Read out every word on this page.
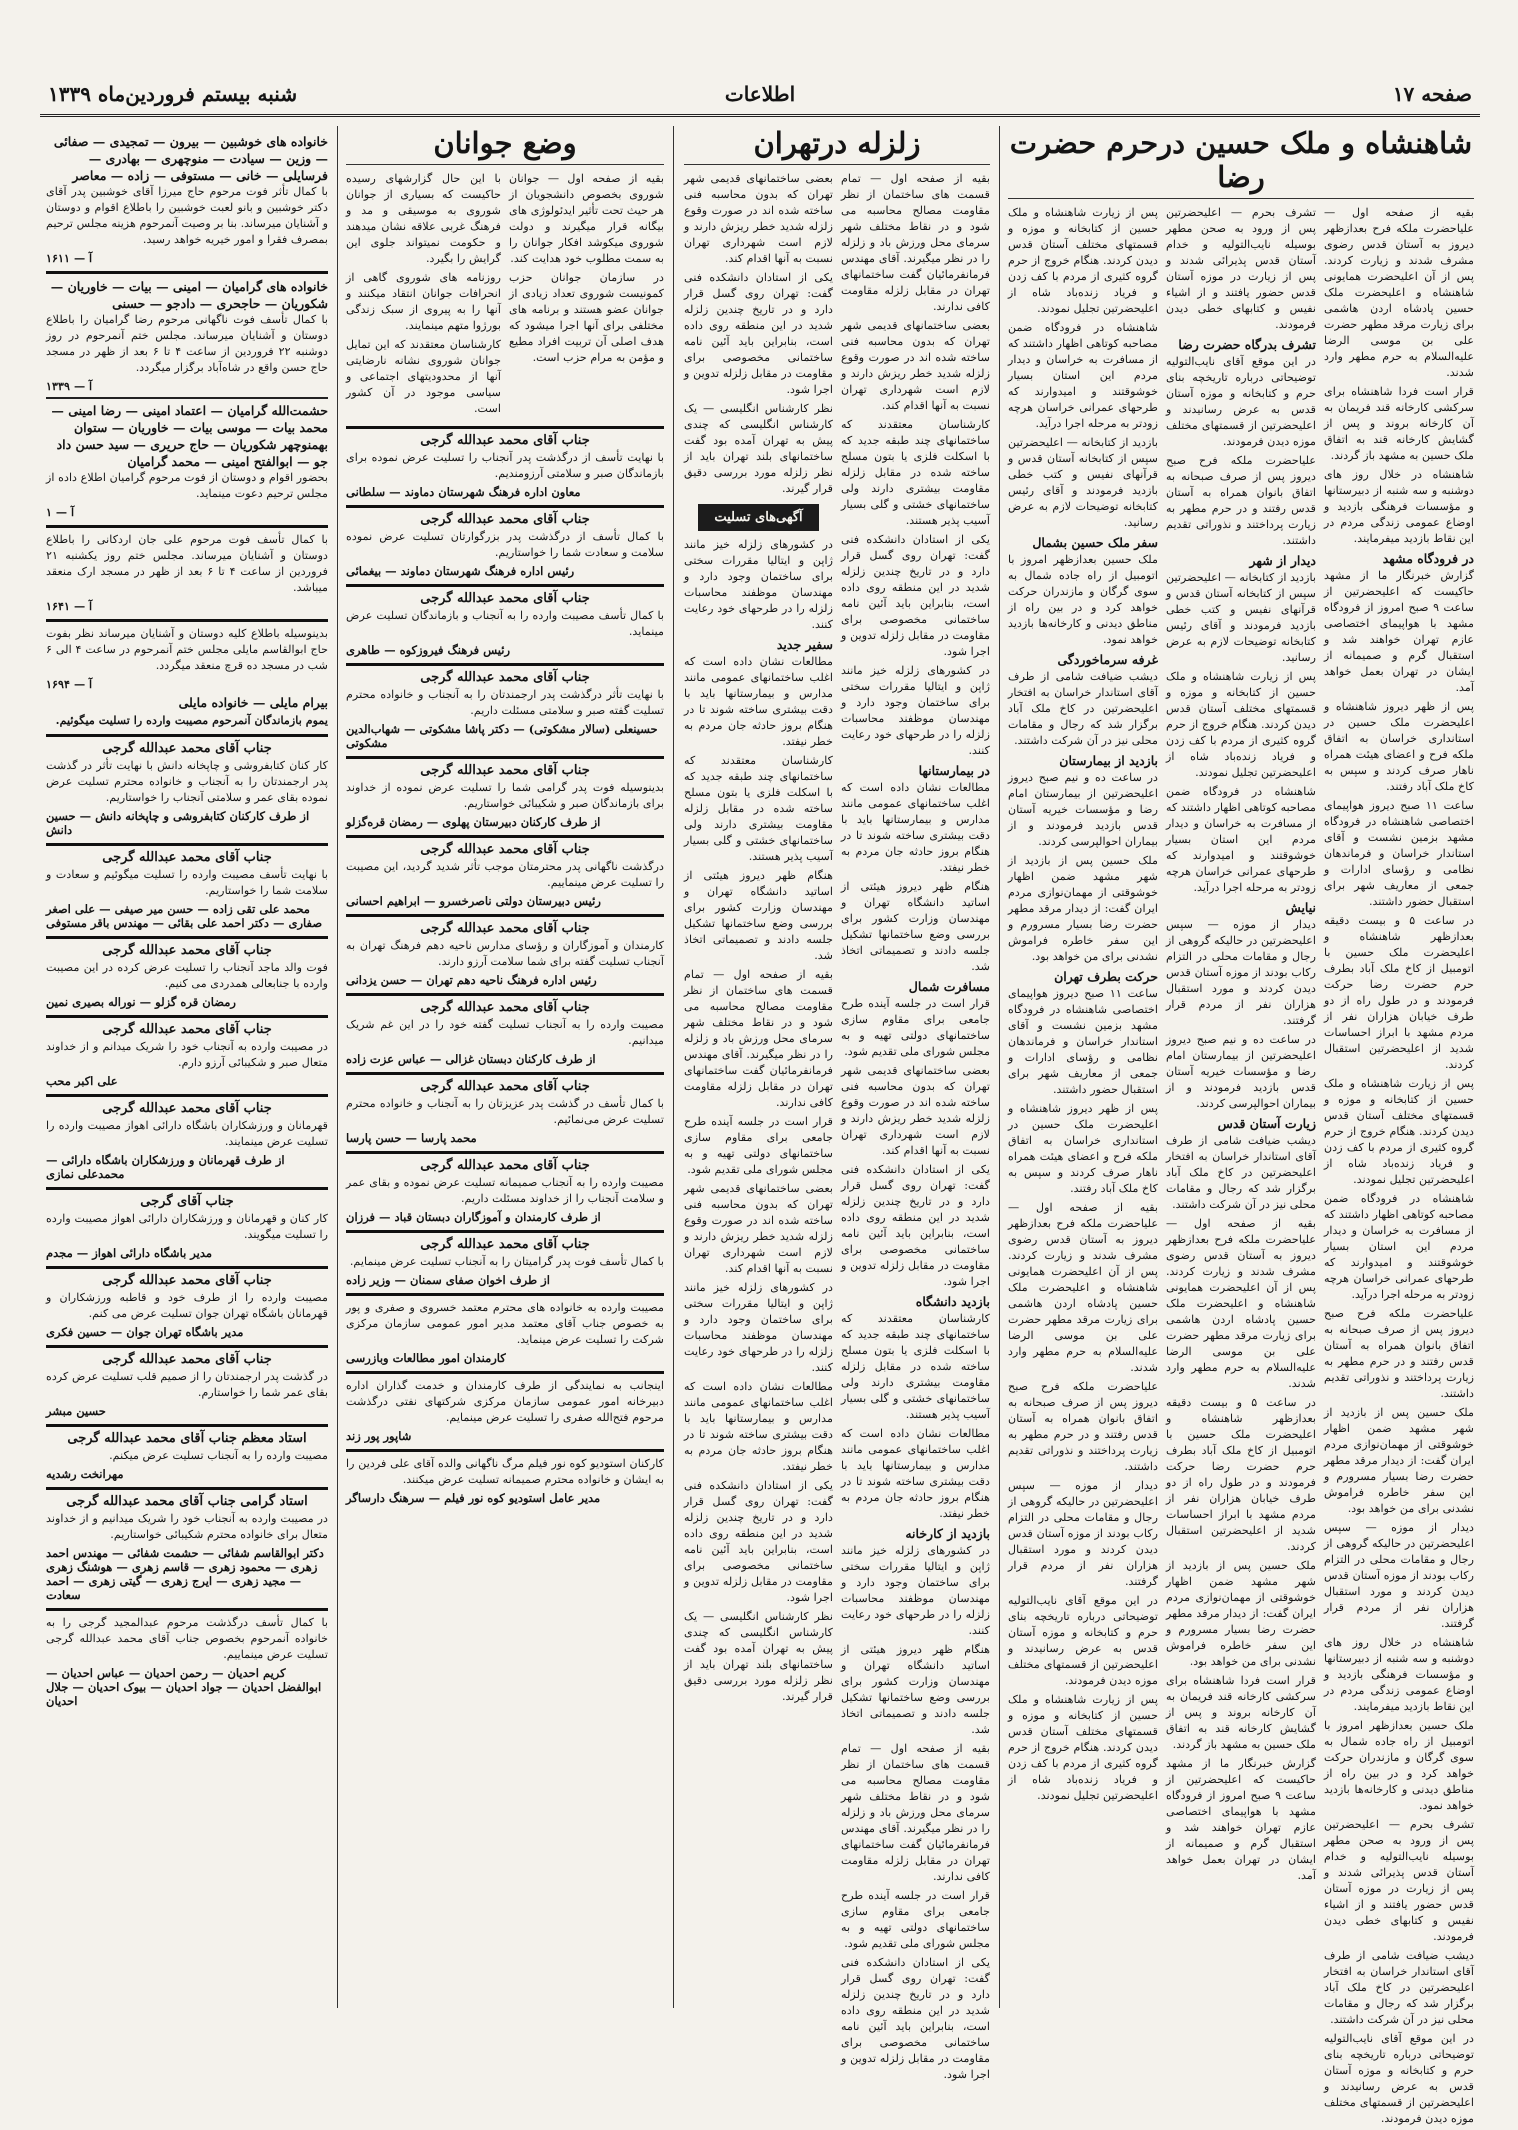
صفحه ۱۷
اطلاعات
شنبه بیستم فروردین‌ماه ۱۳۳۹
شاهنشاه و ملک حسین درحرم حضرت رضا

بقیه از صفحه اول — علیاحضرت ملکه فرح بعدازظهر دیروز به آستان قدس رضوی مشرف شدند و زیارت کردند. پس از آن اعلیحضرت همایونی شاهنشاه و اعلیحضرت ملک حسین پادشاه اردن هاشمی برای زیارت مرقد مطهر حضرت علی بن موسی الرضا علیه‌السلام به حرم مطهر وارد شدند.

قرار است فردا شاهنشاه برای سرکشی کارخانه قند فریمان به آن کارخانه بروند و پس از گشایش کارخانه قند به اتفاق ملک حسین به مشهد باز گردند.

شاهنشاه در خلال روز های دوشنبه و سه شنبه از دبیرستانها و مؤسسات فرهنگی بازدید و اوضاع عمومی زندگی مردم در این نقاط بازدید میفرمایند.

در فرودگاه مشهد

گزارش خبرنگار ما از مشهد حاکیست که اعلیحضرتین از ساعت ۹ صبح امروز از فرودگاه مشهد با هواپیمای اختصاصی عازم تهران خواهند شد و استقبال گرم و صمیمانه از ایشان در تهران بعمل خواهد آمد.

پس از ظهر دیروز شاهنشاه و اعلیحضرت ملک حسین در استانداری خراسان به اتفاق ملکه فرح و اعضای هیئت همراه ناهار صرف کردند و سپس به کاخ ملک آباد رفتند.

ساعت ۱۱ صبح دیروز هواپیمای اختصاصی شاهنشاه در فرودگاه مشهد بزمین نشست و آقای استاندار خراسان و فرماندهان نظامی و رؤسای ادارات و جمعی از معاریف شهر برای استقبال حضور داشتند.

در ساعت ۵ و بیست دقیقه بعدازظهر شاهنشاه و اعلیحضرت ملک حسین با اتومبیل از کاخ ملک آباد بطرف حرم حضرت رضا حرکت فرمودند و در طول راه از دو طرف خیابان هزاران نفر از مردم مشهد با ابراز احساسات شدید از اعلیحضرتین استقبال کردند.

پس از زیارت شاهنشاه و ملک حسین از کتابخانه و موزه و قسمتهای مختلف آستان قدس دیدن کردند. هنگام خروج از حرم گروه کثیری از مردم با کف زدن و فریاد زنده‌باد شاه از اعلیحضرتین تجلیل نمودند.

شاهنشاه در فرودگاه ضمن مصاحبه کوتاهی اظهار داشتند که از مسافرت به خراسان و دیدار مردم این استان بسیار خوشوقتند و امیدوارند که طرحهای عمرانی خراسان هرچه زودتر به مرحله اجرا درآید.

علیاحضرت ملکه فرح صبح دیروز پس از صرف صبحانه به اتفاق بانوان همراه به آستان قدس رفتند و در حرم مطهر به زیارت پرداختند و نذوراتی تقدیم داشتند.

ملک حسین پس از بازدید از شهر مشهد ضمن اظهار خوشوقتی از مهمان‌نوازی مردم ایران گفت: از دیدار مرقد مطهر حضرت رضا بسیار مسرورم و این سفر خاطره فراموش نشدنی برای من خواهد بود.

دیدار از موزه — سپس اعلیحضرتین در حالیکه گروهی از رجال و مقامات محلی در التزام رکاب بودند از موزه آستان قدس دیدن کردند و مورد استقبال هزاران نفر از مردم قرار گرفتند.

شاهنشاه در خلال روز های دوشنبه و سه شنبه از دبیرستانها و مؤسسات فرهنگی بازدید و اوضاع عمومی زندگی مردم در این نقاط بازدید میفرمایند.

ملک حسین بعدازظهر امروز با اتومبیل از راه جاده شمال به سوی گرگان و مازندران حرکت خواهد کرد و در بین راه از مناطق دیدنی و کارخانه‌ها بازدید خواهد نمود.

تشرف بحرم — اعلیحضرتین پس از ورود به صحن مطهر بوسیله نایب‌التولیه و خدام آستان قدس پذیرائی شدند و پس از زیارت در موزه آستان قدس حضور یافتند و از اشیاء نفیس و کتابهای خطی دیدن فرمودند.

دیشب ضیافت شامی از طرف آقای استاندار خراسان به افتخار اعلیحضرتین در کاخ ملک آباد برگزار شد که رجال و مقامات محلی نیز در آن شرکت داشتند.

در این موقع آقای نایب‌التولیه توضیحاتی درباره تاریخچه بنای حرم و کتابخانه و موزه آستان قدس به عرض رسانیدند و اعلیحضرتین از قسمتهای مختلف موزه دیدن فرمودند.

تشرف بحرم — اعلیحضرتین پس از ورود به صحن مطهر بوسیله نایب‌التولیه و خدام آستان قدس پذیرائی شدند و پس از زیارت در موزه آستان قدس حضور یافتند و از اشیاء نفیس و کتابهای خطی دیدن فرمودند.

تشرف بدرگاه حضرت رضا

در این موقع آقای نایب‌التولیه توضیحاتی درباره تاریخچه بنای حرم و کتابخانه و موزه آستان قدس به عرض رسانیدند و اعلیحضرتین از قسمتهای مختلف موزه دیدن فرمودند.

علیاحضرت ملکه فرح صبح دیروز پس از صرف صبحانه به اتفاق بانوان همراه به آستان قدس رفتند و در حرم مطهر به زیارت پرداختند و نذوراتی تقدیم داشتند.

دیدار از شهر

بازدید از کتابخانه — اعلیحضرتین سپس از کتابخانه آستان قدس و قرآنهای نفیس و کتب خطی بازدید فرمودند و آقای رئیس کتابخانه توضیحات لازم به عرض رسانید.

پس از زیارت شاهنشاه و ملک حسین از کتابخانه و موزه و قسمتهای مختلف آستان قدس دیدن کردند. هنگام خروج از حرم گروه کثیری از مردم با کف زدن و فریاد زنده‌باد شاه از اعلیحضرتین تجلیل نمودند.

شاهنشاه در فرودگاه ضمن مصاحبه کوتاهی اظهار داشتند که از مسافرت به خراسان و دیدار مردم این استان بسیار خوشوقتند و امیدوارند که طرحهای عمرانی خراسان هرچه زودتر به مرحله اجرا درآید.

نیایش

دیدار از موزه — سپس اعلیحضرتین در حالیکه گروهی از رجال و مقامات محلی در التزام رکاب بودند از موزه آستان قدس دیدن کردند و مورد استقبال هزاران نفر از مردم قرار گرفتند.

در ساعت ده و نیم صبح دیروز اعلیحضرتین از بیمارستان امام رضا و مؤسسات خیریه آستان قدس بازدید فرمودند و از بیماران احوالپرسی کردند.

زیارت آستان قدس

دیشب ضیافت شامی از طرف آقای استاندار خراسان به افتخار اعلیحضرتین در کاخ ملک آباد برگزار شد که رجال و مقامات محلی نیز در آن شرکت داشتند.

بقیه از صفحه اول — علیاحضرت ملکه فرح بعدازظهر دیروز به آستان قدس رضوی مشرف شدند و زیارت کردند. پس از آن اعلیحضرت همایونی شاهنشاه و اعلیحضرت ملک حسین پادشاه اردن هاشمی برای زیارت مرقد مطهر حضرت علی بن موسی الرضا علیه‌السلام به حرم مطهر وارد شدند.

در ساعت ۵ و بیست دقیقه بعدازظهر شاهنشاه و اعلیحضرت ملک حسین با اتومبیل از کاخ ملک آباد بطرف حرم حضرت رضا حرکت فرمودند و در طول راه از دو طرف خیابان هزاران نفر از مردم مشهد با ابراز احساسات شدید از اعلیحضرتین استقبال کردند.

ملک حسین پس از بازدید از شهر مشهد ضمن اظهار خوشوقتی از مهمان‌نوازی مردم ایران گفت: از دیدار مرقد مطهر حضرت رضا بسیار مسرورم و این سفر خاطره فراموش نشدنی برای من خواهد بود.

قرار است فردا شاهنشاه برای سرکشی کارخانه قند فریمان به آن کارخانه بروند و پس از گشایش کارخانه قند به اتفاق ملک حسین به مشهد باز گردند.

گزارش خبرنگار ما از مشهد حاکیست که اعلیحضرتین از ساعت ۹ صبح امروز از فرودگاه مشهد با هواپیمای اختصاصی عازم تهران خواهند شد و استقبال گرم و صمیمانه از ایشان در تهران بعمل خواهد آمد.

پس از زیارت شاهنشاه و ملک حسین از کتابخانه و موزه و قسمتهای مختلف آستان قدس دیدن کردند. هنگام خروج از حرم گروه کثیری از مردم با کف زدن و فریاد زنده‌باد شاه از اعلیحضرتین تجلیل نمودند.

شاهنشاه در فرودگاه ضمن مصاحبه کوتاهی اظهار داشتند که از مسافرت به خراسان و دیدار مردم این استان بسیار خوشوقتند و امیدوارند که طرحهای عمرانی خراسان هرچه زودتر به مرحله اجرا درآید.

بازدید از کتابخانه — اعلیحضرتین سپس از کتابخانه آستان قدس و قرآنهای نفیس و کتب خطی بازدید فرمودند و آقای رئیس کتابخانه توضیحات لازم به عرض رسانید.

سفر ملک حسین بشمال

ملک حسین بعدازظهر امروز با اتومبیل از راه جاده شمال به سوی گرگان و مازندران حرکت خواهد کرد و در بین راه از مناطق دیدنی و کارخانه‌ها بازدید خواهد نمود.

غرفه سرماخوردگی

دیشب ضیافت شامی از طرف آقای استاندار خراسان به افتخار اعلیحضرتین در کاخ ملک آباد برگزار شد که رجال و مقامات محلی نیز در آن شرکت داشتند.

بازدید از بیمارستان

در ساعت ده و نیم صبح دیروز اعلیحضرتین از بیمارستان امام رضا و مؤسسات خیریه آستان قدس بازدید فرمودند و از بیماران احوالپرسی کردند.

ملک حسین پس از بازدید از شهر مشهد ضمن اظهار خوشوقتی از مهمان‌نوازی مردم ایران گفت: از دیدار مرقد مطهر حضرت رضا بسیار مسرورم و این سفر خاطره فراموش نشدنی برای من خواهد بود.

حرکت بطرف تهران

ساعت ۱۱ صبح دیروز هواپیمای اختصاصی شاهنشاه در فرودگاه مشهد بزمین نشست و آقای استاندار خراسان و فرماندهان نظامی و رؤسای ادارات و جمعی از معاریف شهر برای استقبال حضور داشتند.

پس از ظهر دیروز شاهنشاه و اعلیحضرت ملک حسین در استانداری خراسان به اتفاق ملکه فرح و اعضای هیئت همراه ناهار صرف کردند و سپس به کاخ ملک آباد رفتند.

بقیه از صفحه اول — علیاحضرت ملکه فرح بعدازظهر دیروز به آستان قدس رضوی مشرف شدند و زیارت کردند. پس از آن اعلیحضرت همایونی شاهنشاه و اعلیحضرت ملک حسین پادشاه اردن هاشمی برای زیارت مرقد مطهر حضرت علی بن موسی الرضا علیه‌السلام به حرم مطهر وارد شدند.

علیاحضرت ملکه فرح صبح دیروز پس از صرف صبحانه به اتفاق بانوان همراه به آستان قدس رفتند و در حرم مطهر به زیارت پرداختند و نذوراتی تقدیم داشتند.

دیدار از موزه — سپس اعلیحضرتین در حالیکه گروهی از رجال و مقامات محلی در التزام رکاب بودند از موزه آستان قدس دیدن کردند و مورد استقبال هزاران نفر از مردم قرار گرفتند.

در این موقع آقای نایب‌التولیه توضیحاتی درباره تاریخچه بنای حرم و کتابخانه و موزه آستان قدس به عرض رسانیدند و اعلیحضرتین از قسمتهای مختلف موزه دیدن فرمودند.

پس از زیارت شاهنشاه و ملک حسین از کتابخانه و موزه و قسمتهای مختلف آستان قدس دیدن کردند. هنگام خروج از حرم گروه کثیری از مردم با کف زدن و فریاد زنده‌باد شاه از اعلیحضرتین تجلیل نمودند.

زلزله درتهران

بقیه از صفحه اول — تمام قسمت های ساختمان از نظر مقاومت مصالح محاسبه می شود و در نقاط مختلف شهر سرمای محل ورزش باد و زلزله را در نظر میگیرند. آقای مهندس فرمانفرمائیان گفت ساختمانهای تهران در مقابل زلزله مقاومت کافی ندارند.

بعضی ساختمانهای قدیمی شهر تهران که بدون محاسبه فنی ساخته شده اند در صورت وقوع زلزله شدید خطر ریزش دارند و لازم است شهرداری تهران نسبت به آنها اقدام کند.

کارشناسان معتقدند که ساختمانهای چند طبقه جدید که با اسکلت فلزی یا بتون مسلح ساخته شده در مقابل زلزله مقاومت بیشتری دارند ولی ساختمانهای خشتی و گلی بسیار آسیب پذیر هستند.

یکی از استادان دانشکده فنی گفت: تهران روی گسل قرار دارد و در تاریخ چندین زلزله شدید در این منطقه روی داده است، بنابراین باید آئین نامه ساختمانی مخصوصی برای مقاومت در مقابل زلزله تدوین و اجرا شود.

در کشورهای زلزله خیز مانند ژاپن و ایتالیا مقررات سختی برای ساختمان وجود دارد و مهندسان موظفند محاسبات زلزله را در طرحهای خود رعایت کنند.

در بیمارستانها

مطالعات نشان داده است که اغلب ساختمانهای عمومی مانند مدارس و بیمارستانها باید با دقت بیشتری ساخته شوند تا در هنگام بروز حادثه جان مردم به خطر نیفتد.

هنگام ظهر دیروز هیئتی از اساتید دانشگاه تهران و مهندسان وزارت کشور برای بررسی وضع ساختمانها تشکیل جلسه دادند و تصمیماتی اتخاذ شد.

مسافرت شمال

قرار است در جلسه آینده طرح جامعی برای مقاوم سازی ساختمانهای دولتی تهیه و به مجلس شورای ملی تقدیم شود.

بعضی ساختمانهای قدیمی شهر تهران که بدون محاسبه فنی ساخته شده اند در صورت وقوع زلزله شدید خطر ریزش دارند و لازم است شهرداری تهران نسبت به آنها اقدام کند.

یکی از استادان دانشکده فنی گفت: تهران روی گسل قرار دارد و در تاریخ چندین زلزله شدید در این منطقه روی داده است، بنابراین باید آئین نامه ساختمانی مخصوصی برای مقاومت در مقابل زلزله تدوین و اجرا شود.

بازدید دانشگاه

کارشناسان معتقدند که ساختمانهای چند طبقه جدید که با اسکلت فلزی یا بتون مسلح ساخته شده در مقابل زلزله مقاومت بیشتری دارند ولی ساختمانهای خشتی و گلی بسیار آسیب پذیر هستند.

مطالعات نشان داده است که اغلب ساختمانهای عمومی مانند مدارس و بیمارستانها باید با دقت بیشتری ساخته شوند تا در هنگام بروز حادثه جان مردم به خطر نیفتد.

بازدید از کارخانه

در کشورهای زلزله خیز مانند ژاپن و ایتالیا مقررات سختی برای ساختمان وجود دارد و مهندسان موظفند محاسبات زلزله را در طرحهای خود رعایت کنند.

هنگام ظهر دیروز هیئتی از اساتید دانشگاه تهران و مهندسان وزارت کشور برای بررسی وضع ساختمانها تشکیل جلسه دادند و تصمیماتی اتخاذ شد.

بقیه از صفحه اول — تمام قسمت های ساختمان از نظر مقاومت مصالح محاسبه می شود و در نقاط مختلف شهر سرمای محل ورزش باد و زلزله را در نظر میگیرند. آقای مهندس فرمانفرمائیان گفت ساختمانهای تهران در مقابل زلزله مقاومت کافی ندارند.

قرار است در جلسه آینده طرح جامعی برای مقاوم سازی ساختمانهای دولتی تهیه و به مجلس شورای ملی تقدیم شود.

یکی از استادان دانشکده فنی گفت: تهران روی گسل قرار دارد و در تاریخ چندین زلزله شدید در این منطقه روی داده است، بنابراین باید آئین نامه ساختمانی مخصوصی برای مقاومت در مقابل زلزله تدوین و اجرا شود.

بعضی ساختمانهای قدیمی شهر تهران که بدون محاسبه فنی ساخته شده اند در صورت وقوع زلزله شدید خطر ریزش دارند و لازم است شهرداری تهران نسبت به آنها اقدام کند.

یکی از استادان دانشکده فنی گفت: تهران روی گسل قرار دارد و در تاریخ چندین زلزله شدید در این منطقه روی داده است، بنابراین باید آئین نامه ساختمانی مخصوصی برای مقاومت در مقابل زلزله تدوین و اجرا شود.

نظر کارشناس انگلیسی — یک کارشناس انگلیسی که چندی پیش به تهران آمده بود گفت ساختمانهای بلند تهران باید از نظر زلزله مورد بررسی دقیق قرار گیرند.

آگهی‌های تسلیت

در کشورهای زلزله خیز مانند ژاپن و ایتالیا مقررات سختی برای ساختمان وجود دارد و مهندسان موظفند محاسبات زلزله را در طرحهای خود رعایت کنند.

سفیر جدید

مطالعات نشان داده است که اغلب ساختمانهای عمومی مانند مدارس و بیمارستانها باید با دقت بیشتری ساخته شوند تا در هنگام بروز حادثه جان مردم به خطر نیفتد.

کارشناسان معتقدند که ساختمانهای چند طبقه جدید که با اسکلت فلزی یا بتون مسلح ساخته شده در مقابل زلزله مقاومت بیشتری دارند ولی ساختمانهای خشتی و گلی بسیار آسیب پذیر هستند.

هنگام ظهر دیروز هیئتی از اساتید دانشگاه تهران و مهندسان وزارت کشور برای بررسی وضع ساختمانها تشکیل جلسه دادند و تصمیماتی اتخاذ شد.

بقیه از صفحه اول — تمام قسمت های ساختمان از نظر مقاومت مصالح محاسبه می شود و در نقاط مختلف شهر سرمای محل ورزش باد و زلزله را در نظر میگیرند. آقای مهندس فرمانفرمائیان گفت ساختمانهای تهران در مقابل زلزله مقاومت کافی ندارند.

قرار است در جلسه آینده طرح جامعی برای مقاوم سازی ساختمانهای دولتی تهیه و به مجلس شورای ملی تقدیم شود.

بعضی ساختمانهای قدیمی شهر تهران که بدون محاسبه فنی ساخته شده اند در صورت وقوع زلزله شدید خطر ریزش دارند و لازم است شهرداری تهران نسبت به آنها اقدام کند.

در کشورهای زلزله خیز مانند ژاپن و ایتالیا مقررات سختی برای ساختمان وجود دارد و مهندسان موظفند محاسبات زلزله را در طرحهای خود رعایت کنند.

مطالعات نشان داده است که اغلب ساختمانهای عمومی مانند مدارس و بیمارستانها باید با دقت بیشتری ساخته شوند تا در هنگام بروز حادثه جان مردم به خطر نیفتد.

یکی از استادان دانشکده فنی گفت: تهران روی گسل قرار دارد و در تاریخ چندین زلزله شدید در این منطقه روی داده است، بنابراین باید آئین نامه ساختمانی مخصوصی برای مقاومت در مقابل زلزله تدوین و اجرا شود.

نظر کارشناس انگلیسی — یک کارشناس انگلیسی که چندی پیش به تهران آمده بود گفت ساختمانهای بلند تهران باید از نظر زلزله مورد بررسی دقیق قرار گیرند.

وضع جوانان

بقیه از صفحه اول — جوانان شوروی بخصوص دانشجویان از هر حیث تحت تأثیر ایدئولوژی های بیگانه قرار میگیرند و دولت شوروی میکوشد افکار جوانان را به سمت مطلوب خود هدایت کند.

در سازمان جوانان حزب کمونیست شوروی تعداد زیادی از جوانان عضو هستند و برنامه های مختلفی برای آنها اجرا میشود که هدف اصلی آن تربیت افراد مطیع و مؤمن به مرام حزب است.

با این حال گزارشهای رسیده حاکیست که بسیاری از جوانان شوروی به موسیقی و مد و فرهنگ غربی علاقه نشان میدهند و حکومت نمیتواند جلوی این گرایش را بگیرد.

روزنامه های شوروی گاهی از انحرافات جوانان انتقاد میکنند و آنها را به پیروی از سبک زندگی بورژوا متهم مینمایند.

کارشناسان معتقدند که این تمایل جوانان شوروی نشانه نارضایتی آنها از محدودیتهای اجتماعی و سیاسی موجود در آن کشور است.

جناب آقای محمد عبدالله گرجی

با نهایت تأسف از درگذشت پدر آنجناب را تسلیت عرض نموده برای بازماندگان صبر و سلامتی آرزومندیم.

معاون اداره فرهنگ شهرستان دماوند — سلطانی
جناب آقای محمد عبدالله گرجی

با کمال تأسف از درگذشت پدر بزرگوارتان تسلیت عرض نموده سلامت و سعادت شما را خواستاریم.

رئیس اداره فرهنگ شهرستان دماوند — بیغمائی
جناب آقای محمد عبدالله گرجی

با کمال تأسف مصیبت وارده را به آنجناب و بازماندگان تسلیت عرض مینماید.

رئیس فرهنگ فیروزکوه — طاهری
جناب آقای محمد عبدالله گرجی

با نهایت تأثر درگذشت پدر ارجمندتان را به آنجناب و خانواده محترم تسلیت گفته صبر و سلامتی مسئلت داریم.

حسینعلی (سالار مشکوتی) — دکتر پاشا مشکوتی — شهاب‌الدین مشکوتی
جناب آقای محمد عبدالله گرجی

بدینوسیله فوت پدر گرامی شما را تسلیت عرض نموده از خداوند برای بازماندگان صبر و شکیبائی خواستاریم.

از طرف کارکنان دبیرستان پهلوی — رمضان قره‌گزلو
جناب آقای محمد عبدالله گرجی

درگذشت ناگهانی پدر محترمتان موجب تأثر شدید گردید، این مصیبت را تسلیت عرض مینماییم.

رئیس دبیرستان دولتی ناصرخسرو — ابراهیم احسانی
جناب آقای محمد عبدالله گرجی

کارمندان و آموزگاران و رؤسای مدارس ناحیه دهم فرهنگ تهران به آنجناب تسلیت گفته برای شما سلامت آرزو دارند.

رئیس اداره فرهنگ ناحیه دهم تهران — حسن یزدانی
جناب آقای محمد عبدالله گرجی

مصیبت وارده را به آنجناب تسلیت گفته خود را در این غم شریک میدانیم.

از طرف کارکنان دبستان غزالی — عباس عزت زاده
جناب آقای محمد عبدالله گرجی

با کمال تأسف در گذشت پدر عزیزتان را به آنجناب و خانواده محترم تسلیت عرض می‌نمائیم.

محمد پارسا — حسن پارسا
جناب آقای محمد عبدالله گرجی

مصیبت وارده را به آنجناب صمیمانه تسلیت عرض نموده و بقای عمر و سلامت آنجناب را از خداوند مسئلت داریم.

از طرف کارمندان و آموزگاران دبستان قباد — فرزان
جناب آقای محمد عبدالله گرجی

با کمال تأسف فوت پدر گرامیتان را به آنجناب تسلیت عرض مینمایم.

از طرف اخوان صفای سمنان — وزیر زاده

مصیبت وارده به خانواده های محترم معتمد خسروی و صفری و پور به خصوص جناب آقای معتمد مدیر امور عمومی سازمان مرکزی شرکت را تسلیت عرض مینماید.

کارمندان امور مطالعات وبازرسی

اینجانب به نمایندگی از طرف کارمندان و خدمت گذاران اداره دبیرخانه امور عمومی سازمان مرکزی شرکتهای نفتی درگذشت مرحوم فتح‌الله صفری را تسلیت عرض مینمایم.

شاپور پور زند

کارکنان استودیو کوه نور فیلم مرگ ناگهانی والده آقای علی فردین را به ایشان و خانواده محترم صمیمانه تسلیت عرض میکنند.

مدیر عامل استودیو کوه نور فیلم — سرهنگ دارساگر
خانواده های خوشبین — بیرون — تمجیدی — صفائی — وزین — سیادت — منوچهری — بهادری — فرسایلی — خانی — مستوفی — زاده — معاصر

با کمال تأثر فوت مرحوم حاج میرزا آقای خوشبین پدر آقای دکتر خوشبین و بانو لعبت خوشبین را باطلاع اقوام و دوستان و آشنایان میرساند. بنا بر وصیت آنمرحوم هزینه مجلس ترحیم بمصرف فقرا و امور خیریه خواهد رسید.

آ — ۱۶۱۱
خانواده های گرامیان — امینی — بیات — خاوریان — شکوریان — حاجحری — دادجو — حسنی

با کمال تأسف فوت ناگهانی مرحوم رضا گرامیان را باطلاع دوستان و آشنایان میرساند. مجلس ختم آنمرحوم در روز دوشنبه ۲۲ فروردین از ساعت ۴ تا ۶ بعد از ظهر در مسجد حاج حسن واقع در شاه‌آباد برگزار میگردد.

آ — ۱۳۳۹
حشمت‌الله گرامیان — اعتماد امینی — رضا امینی — محمد بیات — موسی بیات — خاوریان — ستوان بهمنوچهر شکوریان — حاج حریری — سید حسن داد جو — ابوالفتح امینی — محمد گرامیان

بحضور اقوام و دوستان از فوت مرحوم گرامیان اطلاع داده از مجلس ترحیم دعوت مینماید.

آ — ۱

با کمال تأسف فوت مرحوم علی جان اردکانی را باطلاع دوستان و آشنایان میرساند. مجلس ختم روز یکشنبه ۲۱ فروردین از ساعت ۴ تا ۶ بعد از ظهر در مسجد ارک منعقد میباشد.

آ — ۱۶۴۱

بدینوسیله باطلاع کلیه دوستان و آشنایان میرساند نظر بفوت حاج ابوالقاسم مایلی مجلس ختم آنمرحوم در ساعت ۴ الی ۶ شب در مسجد ده قرچ منعقد میگردد.

آ — ۱۶۹۴
بیرام مایلی — خانواده مایلی

یموم بازماندگان آنمرحوم مصیبت وارده را تسلیت میگوئیم.

جناب آقای محمد عبدالله گرجی

کار کنان کتابفروشی و چاپخانه دانش با نهایت تأثر در گذشت پدر ارجمندتان را به آنجناب و خانواده محترم تسلیت عرض نموده بقای عمر و سلامتی آنجناب را خواستاریم.

از طرف کارکنان کتابفروشی و چاپخانه دانش — حسین دانش
جناب آقای محمد عبدالله گرجی

با نهایت تأسف مصیبت وارده را تسلیت میگوئیم و سعادت و سلامت شما را خواستاریم.

محمد علی تقی زاده — حسن میر صیفی — علی اصغر صفاری — دکتر احمد علی بقائی — مهندس باقر مستوفی
جناب آقای محمد عبدالله گرجی

فوت والد ماجد آنجناب را تسلیت عرض کرده در این مصیبت وارده با جنابعالی همدردی می کنیم.

رمضان قره گزلو — نوراله بصیری نمین
جناب آقای محمد عبدالله گرجی

در مصیبت وارده به آنجناب خود را شریک میدانم و از خداوند متعال صبر و شکیبائی آرزو دارم.

علی اکبر محب
جناب آقای محمد عبدالله گرجی

قهرمانان و ورزشکاران باشگاه دارائی اهواز مصیبت وارده را تسلیت عرض مینمایند.

از طرف قهرمانان و ورزشکاران باشگاه دارائی — محمدعلی نمازی
جناب آقای گرجی

کار کنان و قهرمانان و ورزشکاران دارائی اهواز مصیبت وارده را تسلیت میگویند.

مدیر باشگاه دارائی اهواز — مجدم
جناب آقای محمد عبدالله گرجی

مصیبت وارده را از طرف خود و قاطبه ورزشکاران و قهرمانان باشگاه تهران جوان تسلیت عرض می کنم.

مدیر باشگاه تهران جوان — حسین فکری
جناب آقای محمد عبدالله گرجی

در گذشت پدر ارجمندتان را از صمیم قلب تسلیت عرض کرده بقای عمر شما را خواستارم.

حسین مبشر
استاد معظم جناب آقای محمد عبدالله گرجی

مصیبت وارده را به آنجناب تسلیت عرض میکنم.

مهرانخت رشدیه
استاد گرامی جناب آقای محمد عبدالله گرجی

در مصیبت وارده به آنجناب خود را شریک میدانیم و از خداوند متعال برای خانواده محترم شکیبائی خواستاریم.

دکتر ابوالقاسم شفائی — حشمت شفائی — مهندس احمد زهری — محمود زهری — قاسم زهری — هوشنگ زهری — مجید زهری — ایرج زهری — گیتی زهری — احمد سعادت

با کمال تأسف درگذشت مرحوم عبدالمجید گرجی را به خانواده آنمرحوم بخصوص جناب آقای محمد عبدالله گرجی تسلیت عرض مینماییم.

کریم احدیان — رحمن احدیان — عباس احدیان — ابوالفضل احدیان — جواد احدیان — بیوک احدیان — جلال احدیان
